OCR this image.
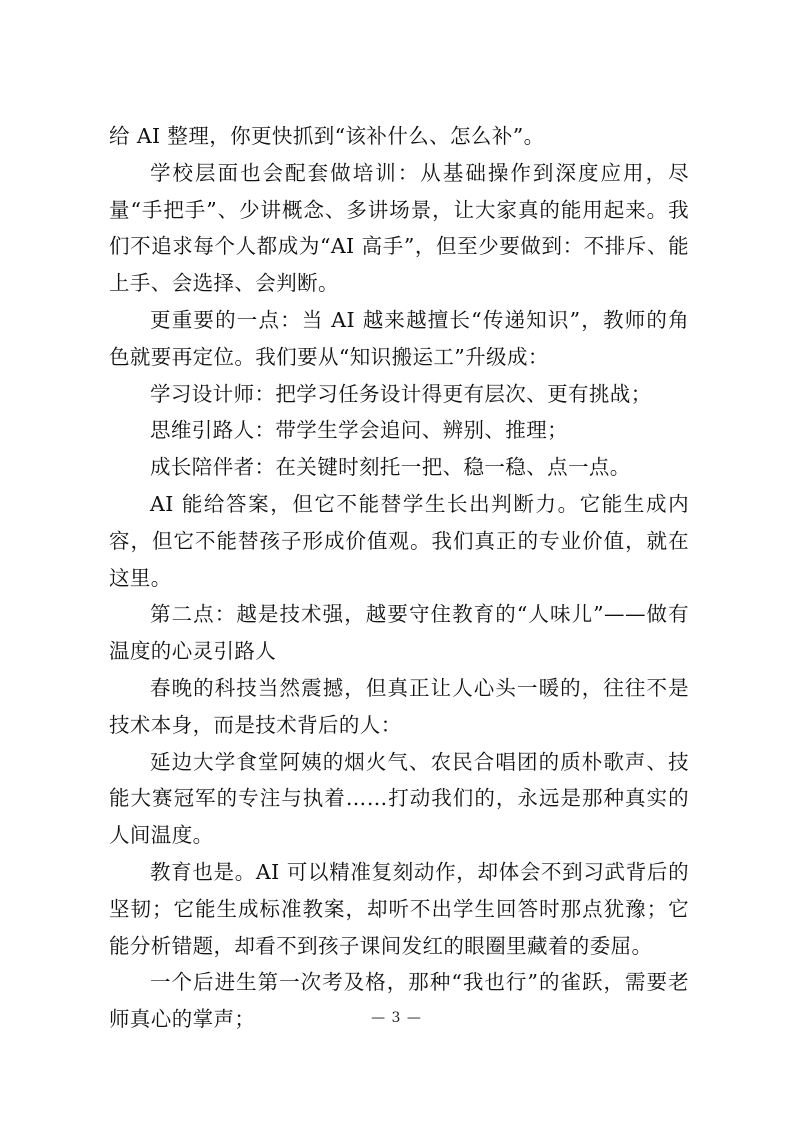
给 AI 整理，你更快抓到“该补什么、怎么补”。

学校层面也会配套做培训：从基础操作到深度应用，尽量“手把手”、少讲概念、多讲场景，让大家真的能用起来。我们不追求每个人都成为“AI 高手”，但至少要做到：不排斥、能上手、会选择、会判断。

更重要的一点：当 AI 越来越擅长“传递知识”，教师的角色就要再定位。我们要从“知识搬运工”升级成：

学习设计师：把学习任务设计得更有层次、更有挑战；

思维引路人：带学生学会追问、辨别、推理；

成长陪伴者：在关键时刻托一把、稳一稳、点一点。

AI 能给答案，但它不能替学生长出判断力。它能生成内容，但它不能替孩子形成价值观。我们真正的专业价值，就在这里。

第二点：越是技术强，越要守住教育的“人味儿”——做有温度的心灵引路人

春晚的科技当然震撼，但真正让人心头一暖的，往往不是技术本身，而是技术背后的人：

延边大学食堂阿姨的烟火气、农民合唱团的质朴歌声、技能大赛冠军的专注与执着……打动我们的，永远是那种真实的人间温度。

教育也是。AI 可以精准复刻动作，却体会不到习武背后的坚韧；它能生成标准教案，却听不出学生回答时那点犹豫；它能分析错题，却看不到孩子课间发红的眼圈里藏着的委屈。

一个后进生第一次考及格，那种“我也行”的雀跃，需要老师真心的掌声；	— 3 —
